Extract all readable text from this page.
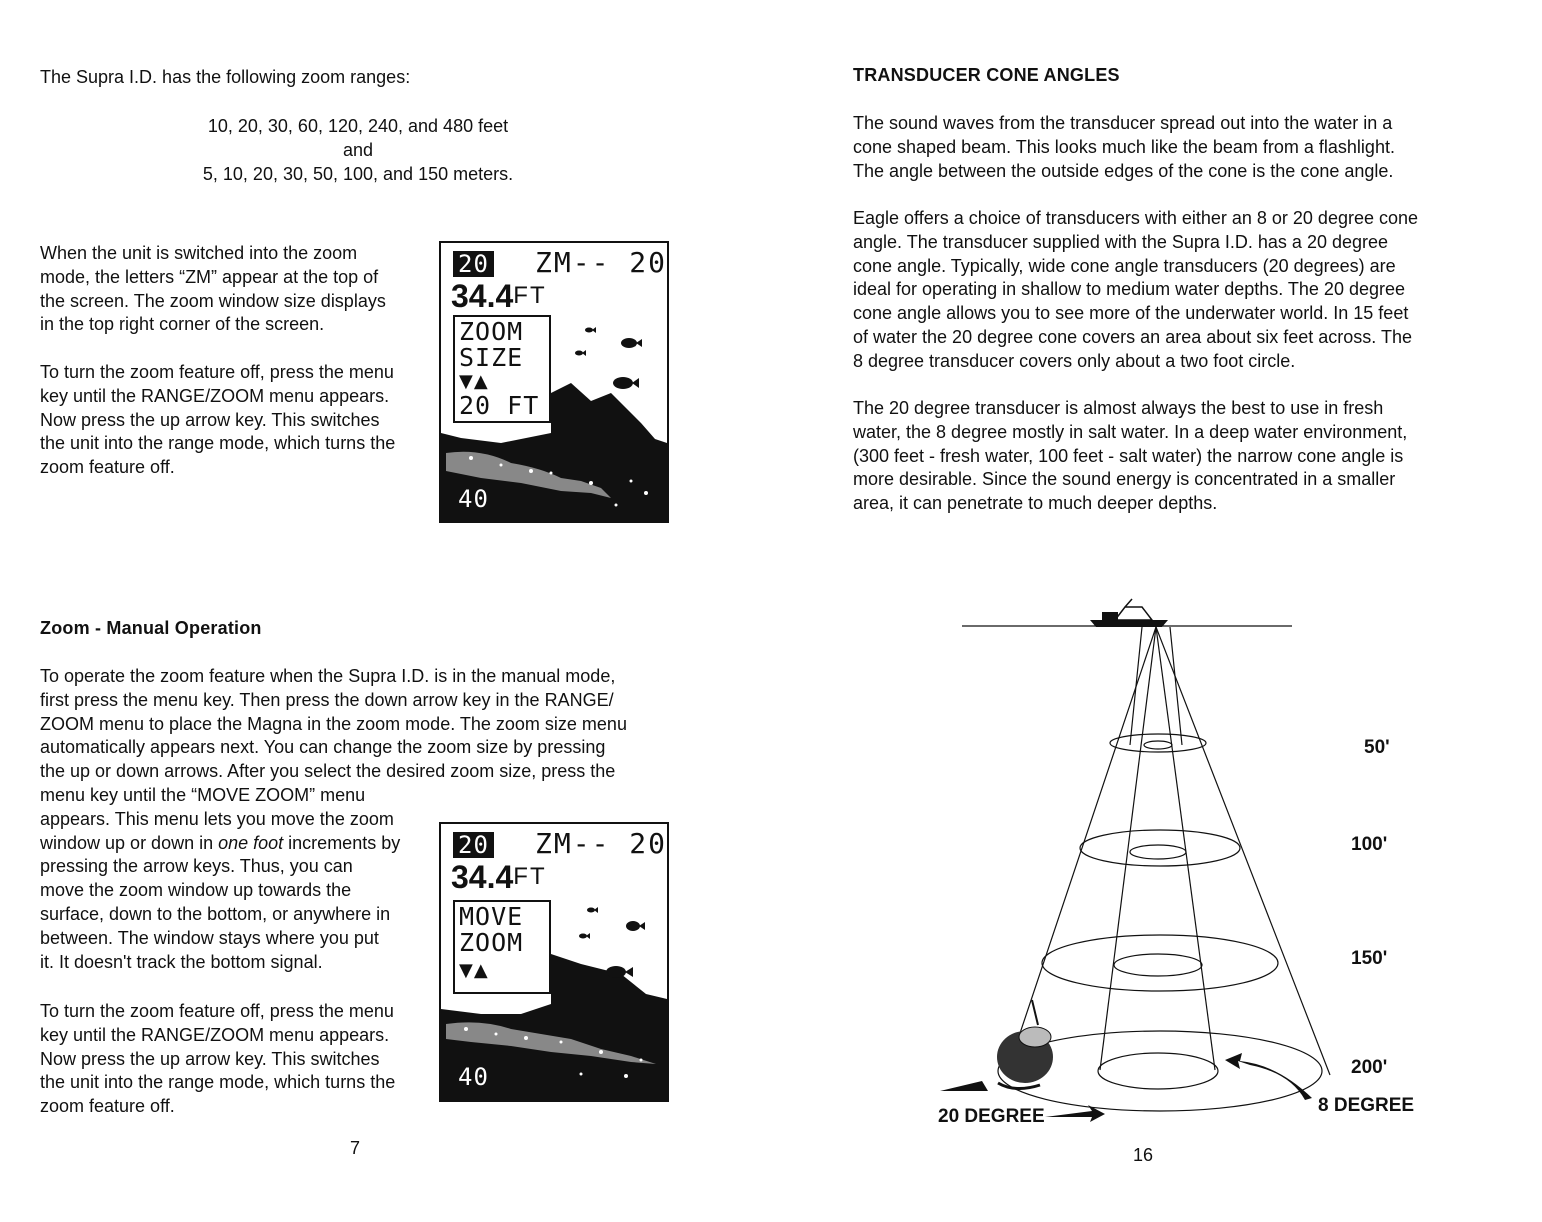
The Supra I.D. has the following zoom ranges:
10, 20, 30, 60, 120, 240, and 480 feet
and
5, 10, 20, 30, 50, 100, and 150 meters.
When the unit is switched into the zoom
mode, the letters “ZM” appear at the top of
the screen. The zoom window size displays
in the top right corner of the screen.
To turn the zoom feature off, press the menu
key until the RANGE/ZOOM menu appears.
Now press the up arrow key. This switches
the unit into the range mode, which turns the
zoom feature off.
20 ZM-- 20
$34.4^{FT}$
ZOOM
SIZE
▼▲
20 FT
40
Zoom - Manual Operation
To operate the zoom feature when the Supra I.D. is in the manual mode,
first press the menu key. Then press the down arrow key in the RANGE/
ZOOM menu to place the Magna in the zoom mode. The zoom size menu
automatically appears next. You can change the zoom size by pressing
the up or down arrows. After you select the desired zoom size, press the
menu key until the “MOVE ZOOM” menu
appears. This menu lets you move the zoom
window up or down in one foot increments by
pressing the arrow keys. Thus, you can
move the zoom window up towards the
surface, down to the bottom, or anywhere in
between. The window stays where you put
it. It doesn't track the bottom signal.
To turn the zoom feature off, press the menu
key until the RANGE/ZOOM menu appears.
Now press the up arrow key. This switches
the unit into the range mode, which turns the
zoom feature off.
20 ZM-- 20
$34.4^{FT}$
MOVE
ZOOM
▼▲
40
7
TRANSDUCER CONE ANGLES
The sound waves from the transducer spread out into the water in a
cone shaped beam. This looks much like the beam from a flashlight.
The angle between the outside edges of the cone is the cone angle.
Eagle offers a choice of transducers with either an 8 or 20 degree cone
angle. The transducer supplied with the Supra I.D. has a 20 degree
cone angle. Typically, wide cone angle transducers (20 degrees) are
ideal for operating in shallow to medium water depths. The 20 degree
cone angle allows you to see more of the underwater world. In 15 feet
of water the 20 degree cone covers an area about six feet across. The
8 degree transducer covers only about a two foot circle.
The 20 degree transducer is almost always the best to use in fresh
water, the 8 degree mostly in salt water. In a deep water environment,
(300 feet - fresh water, 100 feet - salt water) the narrow cone angle is
more desirable. Since the sound energy is concentrated in a smaller
area, it can penetrate to much deeper depths.
50'
100'
150'
200'
20 DEGREE
8 DEGREE
16
